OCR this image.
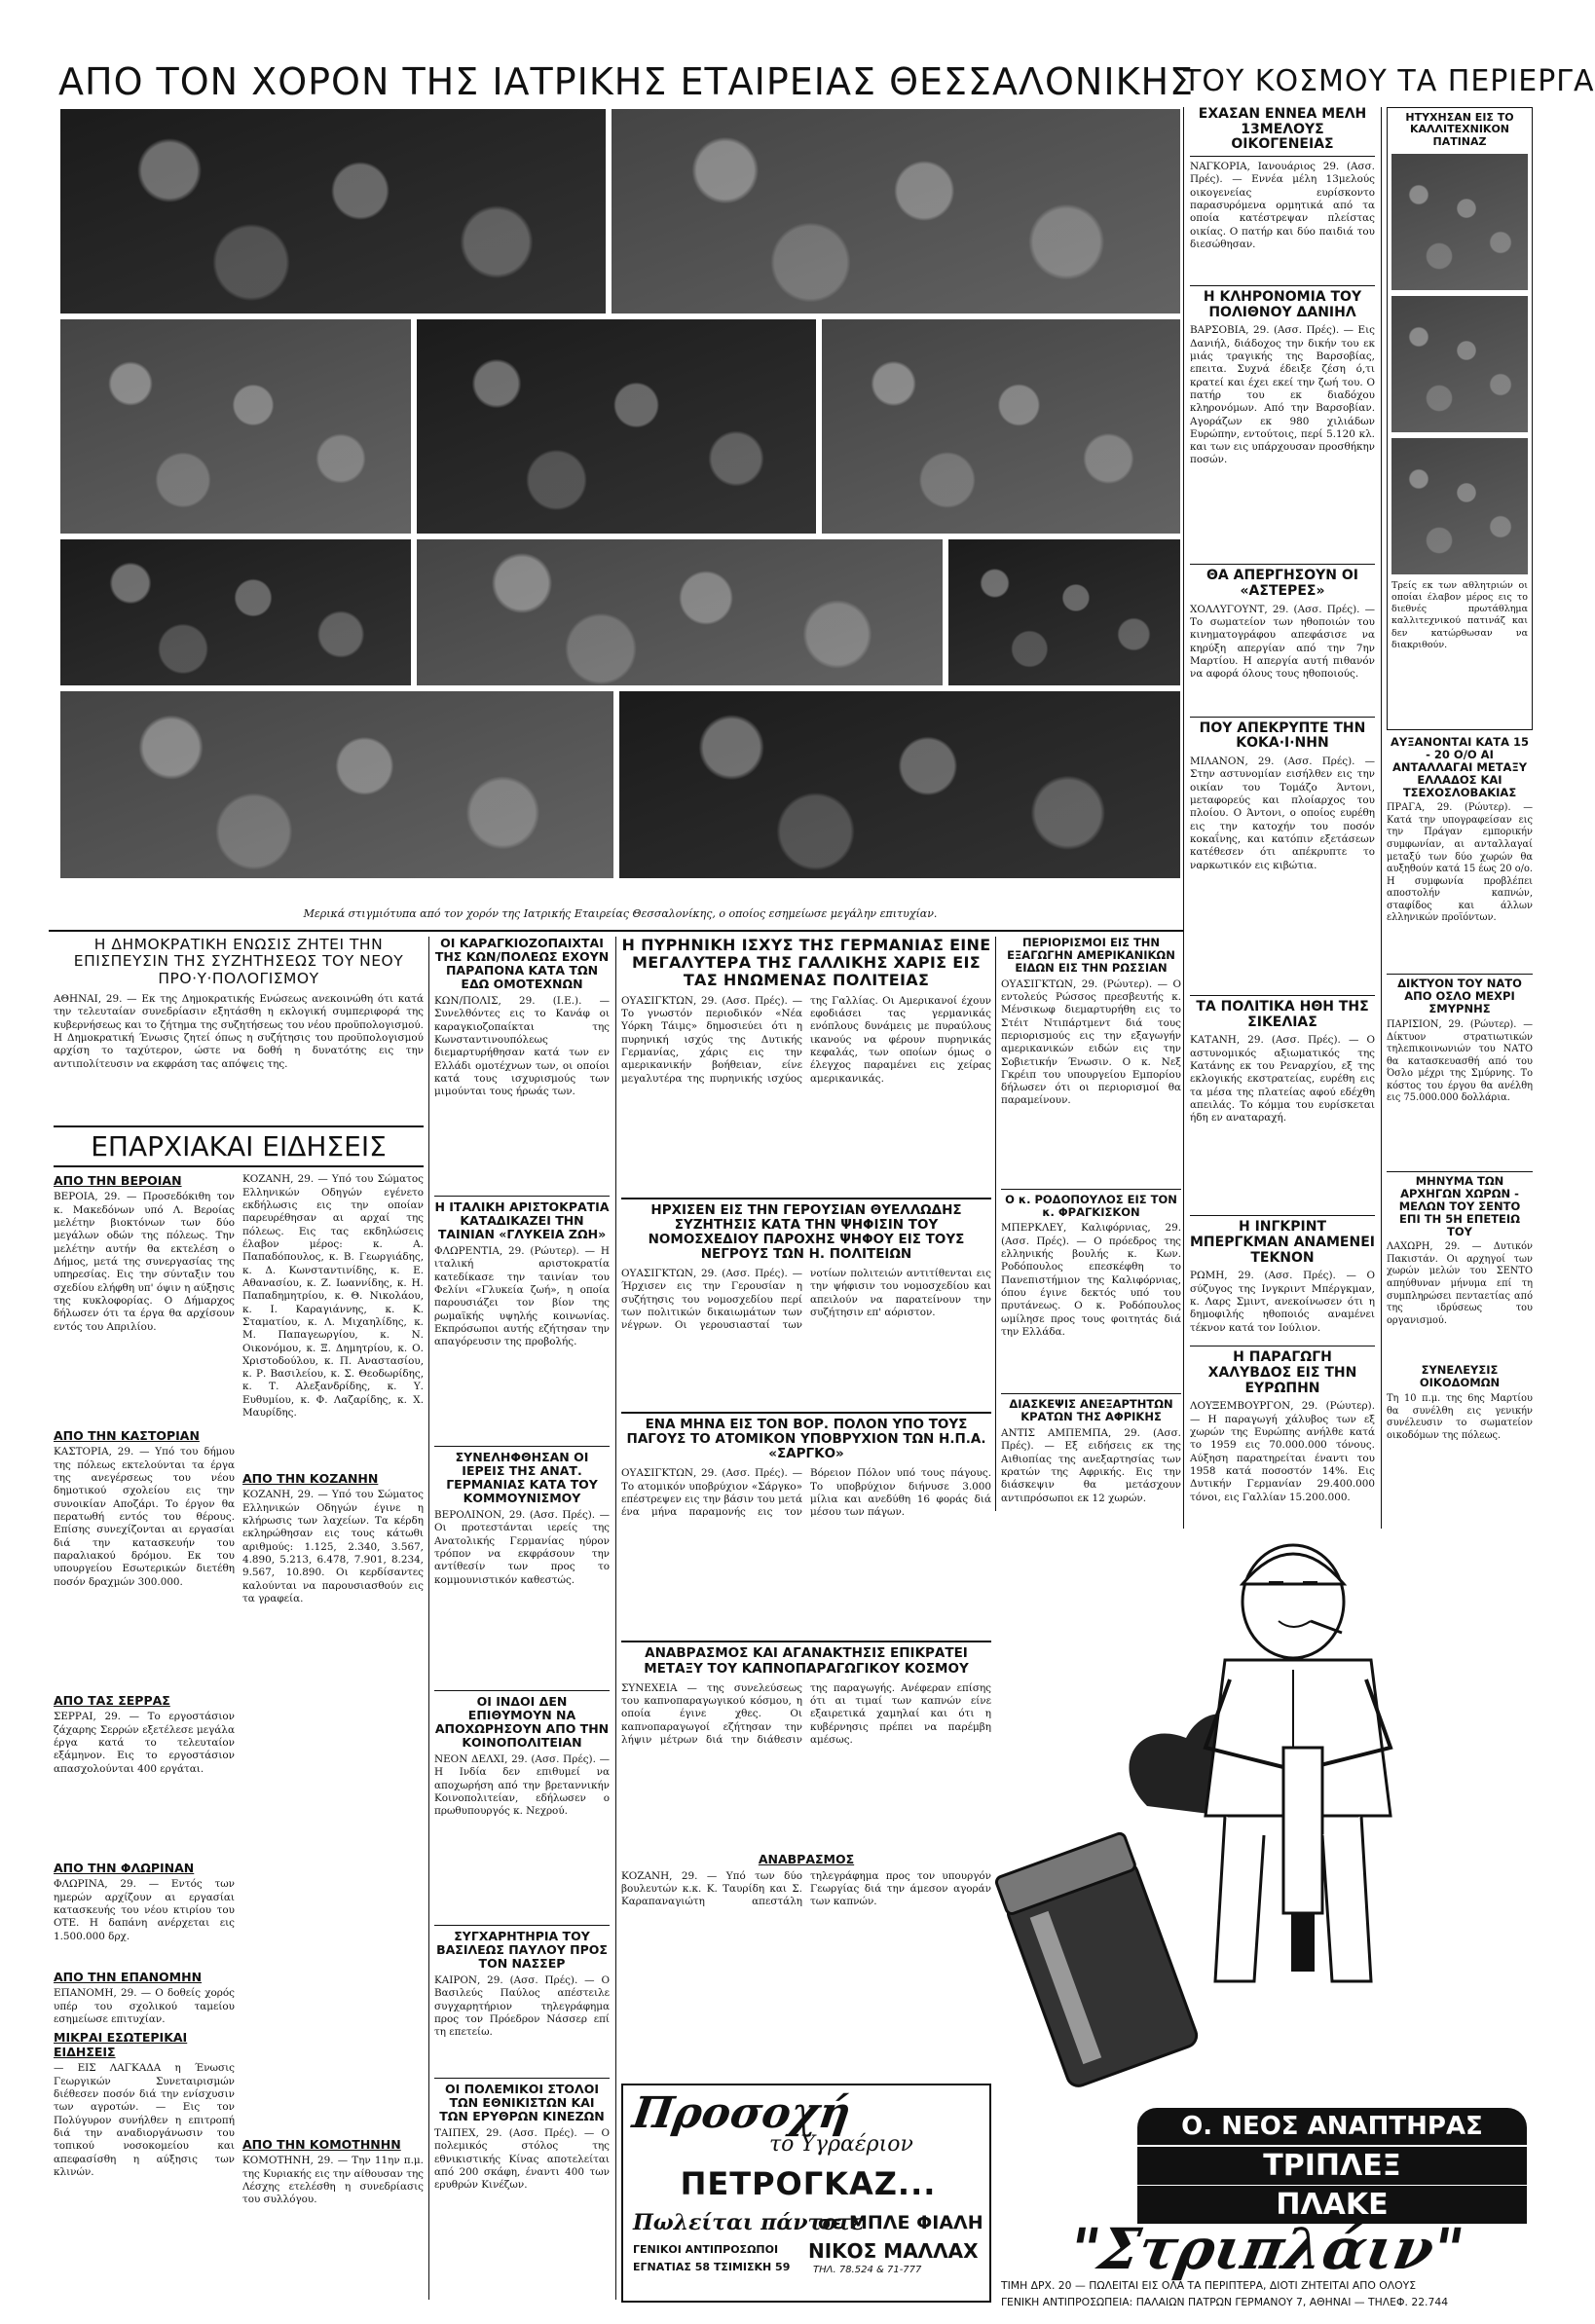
ΑΠΟ ΤΟΝ ΧΟΡΟΝ ΤΗΣ ΙΑΤΡΙΚΗΣ ΕΤΑΙΡΕΙΑΣ ΘΕΣΣΑΛΟΝΙΚΗΣ
ΤΟΥ ΚΟΣΜΟΥ ΤΑ ΠΕΡΙΕΡΓΑ
Μερικά στιγμιότυπα από τον χορόν της Ιατρικής Εταιρείας Θεσσαλονίκης, ο οποίος εσημείωσε μεγάλην επιτυχίαν.
ΕΧΑΣΑΝ ΕΝΝΕΑ ΜΕΛΗ 13ΜΕΛΟΥΣ ΟΙΚΟΓΕΝΕΙΑΣ
ΝΑΓΚΟΡΙΑ, Ιανουάριος 29. (Ασσ. Πρές). — Εννέα μέλη 13μελούς οικογενείας ευρίσκοντο παρασυρόμενα ορμητικά από τα οποία κατέστρεψαν πλείστας οικίας. Ο πατήρ και δύο παιδιά του διεσώθησαν.
Η ΚΛΗΡΟΝΟΜΙΑ ΤΟΥ ΠΟΛΙΘΝΟΥ ΔΑΝΙΗΛ
ΒΑΡΣΟΒΙΑ, 29. (Ασσ. Πρές). — Εις Δανιήλ, διάδοχος την δικήν του εκ μιάς τραγικής της Βαρσοβίας, επειτα. Συχνά έδειξε ζέση ό,τι κρατεί και έχει εκεί την ζωή του. Ο πατήρ του εκ διαδόχου κληρονόμων. Από την Βαρσοβίαν. Αγοράζων εκ 980 χιλιάδων Ευρώπην, εντούτοις, περί 5.120 κλ. και των εις υπάρχουσαν προσθήκην ποσών.
ΘΑ ΑΠΕΡΓΗΣΟΥΝ ΟΙ «ΑΣΤΕΡΕΣ»
ΧΟΛΛΥΓΟΥΝΤ, 29. (Ασσ. Πρές). — Το σωματείον των ηθοποιών του κινηματογράφου απεφάσισε να κηρύξη απεργίαν από την 7ην Μαρτίου. Η απεργία αυτή πιθανόν να αφορά όλους τους ηθοποιούς.
ΠΟΥ ΑΠΕΚΡΥΠΤΕ ΤΗΝ ΚΟΚΑ·Ι·ΝΗΝ
ΜΙΛΑΝΟΝ, 29. (Ασσ. Πρές). — Στην αστυνομίαν εισήλθεν εις την οικίαν του Τομάζο Άντονι, μεταφορεύς και πλοίαρχος του πλοίου. Ο Άντονι, ο οποίος ευρέθη εις την κατοχήν του ποσόν κοκαΐνης, και κατόπιν εξετάσεων κατέθεσεν ότι απέκρυπτε το ναρκωτικόν εις κιβώτια.
ΤΑ ΠΟΛΙΤΙΚΑ ΗΘΗ ΤΗΣ ΣΙΚΕΛΙΑΣ
ΚΑΤΑΝΗ, 29. (Ασσ. Πρές). — Ο αστυνομικός αξιωματικός της Κατάνης εκ του Ρεναρχίου, εξ της εκλογικής εκστρατείας, ευρέθη εις τα μέσα της πλατείας αφού εδέχθη απειλάς. Το κόμμα του ευρίσκεται ήδη εν αναταραχή.
Η ΙΝΓΚΡΙΝΤ ΜΠΕΡΓΚΜΑΝ ΑΝΑΜΕΝΕΙ ΤΕΚΝΟΝ
ΡΩΜΗ, 29. (Ασσ. Πρές). — Ο σύζυγος της Ινγκριντ Μπέργκμαν, κ. Λαρς Σμιντ, ανεκοίνωσεν ότι η δημοφιλής ηθοποιός αναμένει τέκνον κατά τον Ιούλιον.
Η ΠΑΡΑΓΩΓΗ ΧΑΛΥΒΔΟΣ ΕΙΣ ΤΗΝ ΕΥΡΩΠΗΝ
ΛΟΥΞΕΜΒΟΥΡΓΟΝ, 29. (Ρώυτερ). — Η παραγωγή χάλυβος των εξ χωρών της Ευρώπης ανήλθε κατά το 1959 εις 70.000.000 τόνους. Αύξηση παρατηρείται έναντι του 1958 κατά ποσοστόν 14%. Εις Δυτικήν Γερμανίαν 29.400.000 τόνοι, εις Γαλλίαν 15.200.000.
ΗΤΥΧΗΣΑΝ ΕΙΣ ΤΟ ΚΑΛΛΙΤΕΧΝΙΚΟΝ ΠΑΤΙΝΑΖ
Τρείς εκ των αθλητριών οι οποίαι έλαβον μέρος εις το διεθνές πρωτάθλημα καλλιτεχνικού πατινάζ και δεν κατώρθωσαν να διακριθούν.
ΑΥΞΑΝΟΝΤΑΙ ΚΑΤΑ 15 - 20 Ο/Ο ΑΙ ΑΝΤΑΛΛΑΓΑΙ ΜΕΤΑΞΥ ΕΛΛΑΔΟΣ ΚΑΙ ΤΣΕΧΟΣΛΟΒΑΚΙΑΣ
ΠΡΑΓΑ, 29. (Ρώυτερ). — Κατά την υπογραφείσαν εις την Πράγαν εμπορικήν συμφωνίαν, αι ανταλλαγαί μεταξύ των δύο χωρών θα αυξηθούν κατά 15 έως 20 ο/ο. Η συμφωνία προβλέπει αποστολήν καπνών, σταφίδος και άλλων ελληνικών προϊόντων.
ΔΙΚΤΥΟΝ ΤΟΥ ΝΑΤΟ ΑΠΟ ΟΣΛΟ ΜΕΧΡΙ ΣΜΥΡΝΗΣ
ΠΑΡΙΣΙΟΝ, 29. (Ρώυτερ). — Δίκτυον στρατιωτικών τηλεπικοινωνιών του ΝΑΤΟ θα κατασκευασθή από του Όσλο μέχρι της Σμύρνης. Το κόστος του έργου θα ανέλθη εις 75.000.000 δολλάρια.
ΜΗΝΥΜΑ ΤΩΝ ΑΡΧΗΓΩΝ ΧΩΡΩΝ - ΜΕΛΩΝ ΤΟΥ ΣΕΝΤΟ ΕΠΙ ΤΗ 5Η ΕΠΕΤΕΙΩ ΤΟΥ
ΛΑΧΩΡΗ, 29. — Δυτικόν Πακιστάν. Οι αρχηγοί των χωρών μελών του ΣΕΝΤΟ απηύθυναν μήνυμα επί τη συμπληρώσει πενταετίας από της ιδρύσεως του οργανισμού.
ΣΥΝΕΛΕΥΣΙΣ ΟΙΚΟΔΟΜΩΝ
Τη 10 π.μ. της 6ης Μαρτίου θα συνέλθη εις γενικήν συνέλευσιν το σωματείον οικοδόμων της πόλεως.
Η ΔΗΜΟΚΡΑΤΙΚΗ ΕΝΩΣΙΣ ΖΗΤΕΙ ΤΗΝ ΕΠΙΣΠΕΥΣΙΝ ΤΗΣ ΣΥΖΗΤΗΣΕΩΣ ΤΟΥ ΝΕΟΥ ΠΡΟ·Υ·ΠΟΛΟΓΙΣΜΟΥ
ΑΘΗΝΑΙ, 29. — Εκ της Δημοκρατικής Ενώσεως ανεκοινώθη ότι κατά την τελευταίαν συνεδρίασιν εξητάσθη η εκλογική συμπεριφορά της κυβερνήσεως και το ζήτημα της συζητήσεως του νέου προϋπολογισμού. Η Δημοκρατική Ένωσις ζητεί όπως η συζήτησις του προϋπολογισμού αρχίση το ταχύτερον, ώστε να δοθή η δυνατότης εις την αντιπολίτευσιν να εκφράση τας απόψεις της.
ΕΠΑΡΧΙΑΚΑΙ ΕΙΔΗΣΕΙΣ
ΑΠΟ ΤΗΝ ΒΕΡΟΙΑΝ
ΒΕΡΟΙΑ, 29. — Προσεδόκιθη τον κ. Μακεδόνων υπό Λ. Βεροίας μελέτην βιοκτόνων των δύο μεγάλων οδών της πόλεως. Την μελέτην αυτήν θα εκτελέση ο Δήμος, μετά της συνεργασίας της υπηρεσίας. Εις την σύνταξιν του σχεδίου ελήφθη υπ' όψιν η αύξησις της κυκλοφορίας. Ο Δήμαρχος δήλωσεν ότι τα έργα θα αρχίσουν εντός του Απριλίου.
ΑΠΟ ΤΗΝ ΚΑΣΤΟΡΙΑΝ
ΚΑΣΤΟΡΙΑ, 29. — Υπό του δήμου της πόλεως εκτελούνται τα έργα της ανεγέρσεως του νέου δημοτικού σχολείου εις την συνοικίαν Αποζάρι. Το έργον θα περατωθή εντός του θέρους. Επίσης συνεχίζονται αι εργασίαι διά την κατασκευήν του παραλιακού δρόμου. Εκ του υπουργείου Εσωτερικών διετέθη ποσόν δραχμών 300.000.
ΑΠΟ ΤΑΣ ΣΕΡΡΑΣ
ΣΕΡΡΑΙ, 29. — Το εργοστάσιον ζάχαρης Σερρών εξετέλεσε μεγάλα έργα κατά το τελευταίον εξάμηνον. Εις το εργοστάσιον απασχολούνται 400 εργάται.
ΑΠΟ ΤΗΝ ΦΛΩΡΙΝΑΝ
ΦΛΩΡΙΝΑ, 29. — Εντός των ημερών αρχίζουν αι εργασίαι κατασκευής του νέου κτιρίου του ΟΤΕ. Η δαπάνη ανέρχεται εις 1.500.000 δρχ.
ΑΠΟ ΤΗΝ ΕΠΑΝΟΜΗΝ
ΕΠΑΝΟΜΗ, 29. — Ο δοθείς χορός υπέρ του σχολικού ταμείου εσημείωσε επιτυχίαν.
ΜΙΚΡΑΙ ΕΣΩΤΕΡΙΚΑΙ ΕΙΔΗΣΕΙΣ
— ΕΙΣ ΛΑΓΚΑΔΑ η Ένωσις Γεωργικών Συνεταιρισμών διέθεσεν ποσόν διά την ενίσχυσιν των αγροτών. — Εις τον Πολύγυρον συνήλθεν η επιτροπή διά την αναδιοργάνωσιν του τοπικού νοσοκομείου και απεφασίσθη η αύξησις των κλινών.
ΚΟΖΑΝΗ, 29. — Υπό του Σώματος Ελληνικών Οδηγών εγένετο εκδήλωσις εις την οποίαν παρευρέθησαν αι αρχαί της πόλεως. Εις τας εκδηλώσεις έλαβον μέρος: κ. Α. Παπαδόπουλος, κ. Β. Γεωργιάδης, κ. Δ. Κωνσταντινίδης, κ. Ε. Αθανασίου, κ. Ζ. Ιωαννίδης, κ. Η. Παπαδημητρίου, κ. Θ. Νικολάου, κ. Ι. Καραγιάννης, κ. Κ. Σταματίου, κ. Λ. Μιχαηλίδης, κ. Μ. Παπαγεωργίου, κ. Ν. Οικονόμου, κ. Ξ. Δημητρίου, κ. Ο. Χριστοδούλου, κ. Π. Αναστασίου, κ. Ρ. Βασιλείου, κ. Σ. Θεοδωρίδης, κ. Τ. Αλεξανδρίδης, κ. Υ. Ευθυμίου, κ. Φ. Λαζαρίδης, κ. Χ. Μαυρίδης.
ΑΠΟ ΤΗΝ ΚΟΖΑΝΗΝ
ΚΟΖΑΝΗ, 29. — Υπό του Σώματος Ελληνικών Οδηγών έγινε η κλήρωσις των λαχείων. Τα κέρδη εκληρώθησαν εις τους κάτωθι αριθμούς: 1.125, 2.340, 3.567, 4.890, 5.213, 6.478, 7.901, 8.234, 9.567, 10.890. Οι κερδίσαντες καλούνται να παρουσιασθούν εις τα γραφεία.
ΑΠΟ ΤΗΝ ΚΟΜΟΤΗΝΗΝ
ΚΟΜΟΤΗΝΗ, 29. — Την 11ην π.μ. της Κυριακής εις την αίθουσαν της Λέσχης ετελέσθη η συνεδρίασις του συλλόγου.
ΟΙ ΚΑΡΑΓΚΙΟΖΟΠΑΙΧΤΑΙ ΤΗΣ ΚΩΝ/ΠΟΛΕΩΣ ΕΧΟΥΝ ΠΑΡΑΠΟΝΑ ΚΑΤΑ ΤΩΝ ΕΔΩ ΟΜΟΤΕΧΝΩΝ
ΚΩΝ/ΠΟΛΙΣ, 29. (Ι.Ε.). — Συνελθόντες εις το Κανάφ οι καραγκιοζοπαίκται της Κωνσταντινουπόλεως διεμαρτυρήθησαν κατά των εν Ελλάδι ομοτέχνων των, οι οποίοι κατά τους ισχυρισμούς των μιμούνται τους ήρωάς των.
Η ΙΤΑΛΙΚΗ ΑΡΙΣΤΟΚΡΑΤΙΑ ΚΑΤΑΔΙΚΑΖΕΙ ΤΗΝ ΤΑΙΝΙΑΝ «ΓΛΥΚΕΙΑ ΖΩΗ»
ΦΛΩΡΕΝΤΙΑ, 29. (Ρώυτερ). — Η ιταλική αριστοκρατία κατεδίκασε την ταινίαν του Φελίνι «Γλυκεία ζωή», η οποία παρουσιάζει τον βίον της ρωμαϊκής υψηλής κοινωνίας. Εκπρόσωποι αυτής εζήτησαν την απαγόρευσιν της προβολής.
ΣΥΝΕΛΗΦΘΗΣΑΝ ΟΙ ΙΕΡΕΙΣ ΤΗΣ ΑΝΑΤ. ΓΕΡΜΑΝΙΑΣ ΚΑΤΑ ΤΟΥ ΚΟΜΜΟΥΝΙΣΜΟΥ
ΒΕΡΟΛΙΝΟΝ, 29. (Ασσ. Πρές). — Οι προτεστάνται ιερείς της Ανατολικής Γερμανίας ηύρον τρόπον να εκφράσουν την αντίθεσίν των προς το κομμουνιστικόν καθεστώς.
ΟΙ ΙΝΔΟΙ ΔΕΝ ΕΠΙΘΥΜΟΥΝ ΝΑ ΑΠΟΧΩΡΗΣΟΥΝ ΑΠΟ ΤΗΝ ΚΟΙΝΟΠΟΛΙΤΕΙΑΝ
ΝΕΟΝ ΔΕΛΧΙ, 29. (Ασσ. Πρές). — Η Ινδία δεν επιθυμεί να αποχωρήση από την βρεταννικήν Κοινοπολιτείαν, εδήλωσεν ο πρωθυπουργός κ. Νεχρού.
ΣΥΓΧΑΡΗΤΗΡΙΑ ΤΟΥ ΒΑΣΙΛΕΩΣ ΠΑΥΛΟΥ ΠΡΟΣ ΤΟΝ ΝΑΣΣΕΡ
ΚΑΙΡΟΝ, 29. (Ασσ. Πρές). — Ο Βασιλεύς Παύλος απέστειλε συγχαρητήριον τηλεγράφημα προς τον Πρόεδρον Νάσσερ επί τη επετείω.
ΟΙ ΠΟΛΕΜΙΚΟΙ ΣΤΟΛΟΙ ΤΩΝ ΕΘΝΙΚΙΣΤΩΝ ΚΑΙ ΤΩΝ ΕΡΥΘΡΩΝ ΚΙΝΕΖΩΝ
ΤΑΙΠΕΧ, 29. (Ασσ. Πρές). — Ο πολεμικός στόλος της εθνικιστικής Κίνας αποτελείται από 200 σκάφη, έναντι 400 των ερυθρών Κινέζων.
Η ΠΥΡΗΝΙΚΗ ΙΣΧΥΣ ΤΗΣ ΓΕΡΜΑΝΙΑΣ ΕΙΝΕ ΜΕΓΑΛΥΤΕΡΑ ΤΗΣ ΓΑΛΛΙΚΗΣ ΧΑΡΙΣ ΕΙΣ ΤΑΣ ΗΝΩΜΕΝΑΣ ΠΟΛΙΤΕΙΑΣ
ΟΥΑΣΙΓΚΤΩΝ, 29. (Ασσ. Πρές). — Το γνωστόν περιοδικόν «Νέα Υόρκη Τάιμς» δημοσιεύει ότι η πυρηνική ισχύς της Δυτικής Γερμανίας, χάρις εις την αμερικανικήν βοήθειαν, είνε μεγαλυτέρα της πυρηνικής ισχύος της Γαλλίας. Οι Αμερικανοί έχουν εφοδιάσει τας γερμανικάς ενόπλους δυνάμεις με πυραύλους ικανούς να φέρουν πυρηνικάς κεφαλάς, των οποίων όμως ο έλεγχος παραμένει εις χείρας αμερικανικάς.
ΗΡΧΙΣΕΝ ΕΙΣ ΤΗΝ ΓΕΡΟΥΣΙΑΝ ΘΥΕΛΛΩΔΗΣ ΣΥΖΗΤΗΣΙΣ ΚΑΤΑ ΤΗΝ ΨΗΦΙΣΙΝ ΤΟΥ ΝΟΜΟΣΧΕΔΙΟΥ ΠΑΡΟΧΗΣ ΨΗΦΟΥ ΕΙΣ ΤΟΥΣ ΝΕΓΡΟΥΣ ΤΩΝ Η. ΠΟΛΙΤΕΙΩΝ
ΟΥΑΣΙΓΚΤΩΝ, 29. (Ασσ. Πρές). — Ήρχισεν εις την Γερουσίαν η συζήτησις του νομοσχεδίου περί των πολιτικών δικαιωμάτων των νέγρων. Οι γερουσιασταί των νοτίων πολιτειών αντιτίθενται εις την ψήφισιν του νομοσχεδίου και απειλούν να παρατείνουν την συζήτησιν επ' αόριστον.
ΕΝΑ ΜΗΝΑ ΕΙΣ ΤΟΝ ΒΟΡ. ΠΟΛΟΝ ΥΠΟ ΤΟΥΣ ΠΑΓΟΥΣ ΤΟ ΑΤΟΜΙΚΟΝ ΥΠΟΒΡΥΧΙΟΝ ΤΩΝ Η.Π.Α. «ΣΑΡΓΚΟ»
ΟΥΑΣΙΓΚΤΩΝ, 29. (Ασσ. Πρές). — Το ατομικόν υποβρύχιον «Σάργκο» επέστρεψεν εις την βάσιν του μετά ένα μήνα παραμονής εις τον Βόρειον Πόλον υπό τους πάγους. Το υποβρύχιον διήνυσε 3.000 μίλια και ανεδύθη 16 φοράς διά μέσου των πάγων.
ΑΝΑΒΡΑΣΜΟΣ ΚΑΙ ΑΓΑΝΑΚΤΗΣΙΣ ΕΠΙΚΡΑΤΕΙ ΜΕΤΑΞΥ ΤΟΥ ΚΑΠΝΟΠΑΡΑΓΩΓΙΚΟΥ ΚΟΣΜΟΥ
ΣΥΝΕΧΕΙΑ — της συνελεύσεως του καπνοπαραγωγικού κόσμου, η οποία έγινε χθες. Οι καπνοπαραγωγοί εζήτησαν την λήψιν μέτρων διά την διάθεσιν της παραγωγής. Ανέφεραν επίσης ότι αι τιμαί των καπνών είνε εξαιρετικά χαμηλαί και ότι η κυβέρνησις πρέπει να παρέμβη αμέσως.
ΑΝΑΒΡΑΣΜΟΣ
ΚΟΖΑΝΗ, 29. — Υπό των δύο βουλευτών κ.κ. Κ. Ταυρίδη και Σ. Καραπαναγιώτη απεστάλη τηλεγράφημα προς τον υπουργόν Γεωργίας διά την άμεσον αγοράν των καπνών.
ΠΕΡΙΟΡΙΣΜΟΙ ΕΙΣ ΤΗΝ ΕΞΑΓΩΓΗΝ ΑΜΕΡΙΚΑΝΙΚΩΝ ΕΙΔΩΝ ΕΙΣ ΤΗΝ ΡΩΣΣΙΑΝ
ΟΥΑΣΙΓΚΤΩΝ, 29. (Ρώυτερ). — Ο εντολεύς Ρώσσος πρεσβευτής κ. Μένσικωφ διεμαρτυρήθη εις το Στέιτ Ντιπάρτμεντ διά τους περιορισμούς εις την εξαγωγήν αμερικανικών ειδών εις την Σοβιετικήν Ένωσιν. Ο κ. Νεξ Γκρέιπ του υπουργείου Εμπορίου δήλωσεν ότι οι περιορισμοί θα παραμείνουν.
Ο κ. ΡΟΔΟΠΟΥΛΟΣ ΕΙΣ ΤΟΝ κ. ΦΡΑΓΚΙΣΚΟΝ
ΜΠΕΡΚΛΕΥ, Καλιφόρνιας, 29. (Ασσ. Πρές). — Ο πρόεδρος της ελληνικής βουλής κ. Κων. Ροδόπουλος επεσκέφθη το Πανεπιστήμιον της Καλιφόρνιας, όπου έγινε δεκτός υπό του πρυτάνεως. Ο κ. Ροδόπουλος ωμίλησε προς τους φοιτητάς διά την Ελλάδα.
ΔΙΑΣΚΕΨΙΣ ΑΝΕΞΑΡΤΗΤΩΝ ΚΡΑΤΩΝ ΤΗΣ ΑΦΡΙΚΗΣ
ΑΝΤΙΣ ΑΜΠΕΜΠΑ, 29. (Ασσ. Πρές). — Εξ ειδήσεις εκ της Αιθιοπίας της ανεξαρτησίας των κρατών της Αφρικής. Εις την διάσκεψιν θα μετάσχουν αντιπρόσωποι εκ 12 χωρών.
Προσοχή
το Υγραέριον
ΠΕΤΡΟΓΚΑΖ...
Πωλείται πάντοτε
σε ΜΠΛΕ ΦΙΑΛΗ
ΓΕΝΙΚΟΙ ΑΝΤΙΠΡΟΣΩΠΟΙ ΝΙΚΟΣ ΜΑΛΛΑΧ
ΕΓΝΑΤΙΑΣ 58 ΤΣΙΜΙΣΚΗ 59 ΤΗΛ. 78.524 & 71-777
Ο. ΝΕΟΣ ΑΝΑΠΤΗΡΑΣ
ΤΡΙΠΛΕΞ
ΠΛΑΚΕ
"Στριπλάιν"
ΤΙΜΗ ΔΡΧ. 20 — ΠΩΛΕΙΤΑΙ ΕΙΣ ΟΛΑ ΤΑ ΠΕΡΙΠΤΕΡΑ, ΔΙΟΤΙ ΖΗΤΕΙΤΑΙ ΑΠΟ ΟΛΟΥΣ
ΓΕΝΙΚΗ ΑΝΤΙΠΡΟΣΩΠΕΙΑ: ΠΑΛΑΙΩΝ ΠΑΤΡΩΝ ΓΕΡΜΑΝΟΥ 7, ΑΘΗΝΑΙ — ΤΗΛΕΦ. 22.744
